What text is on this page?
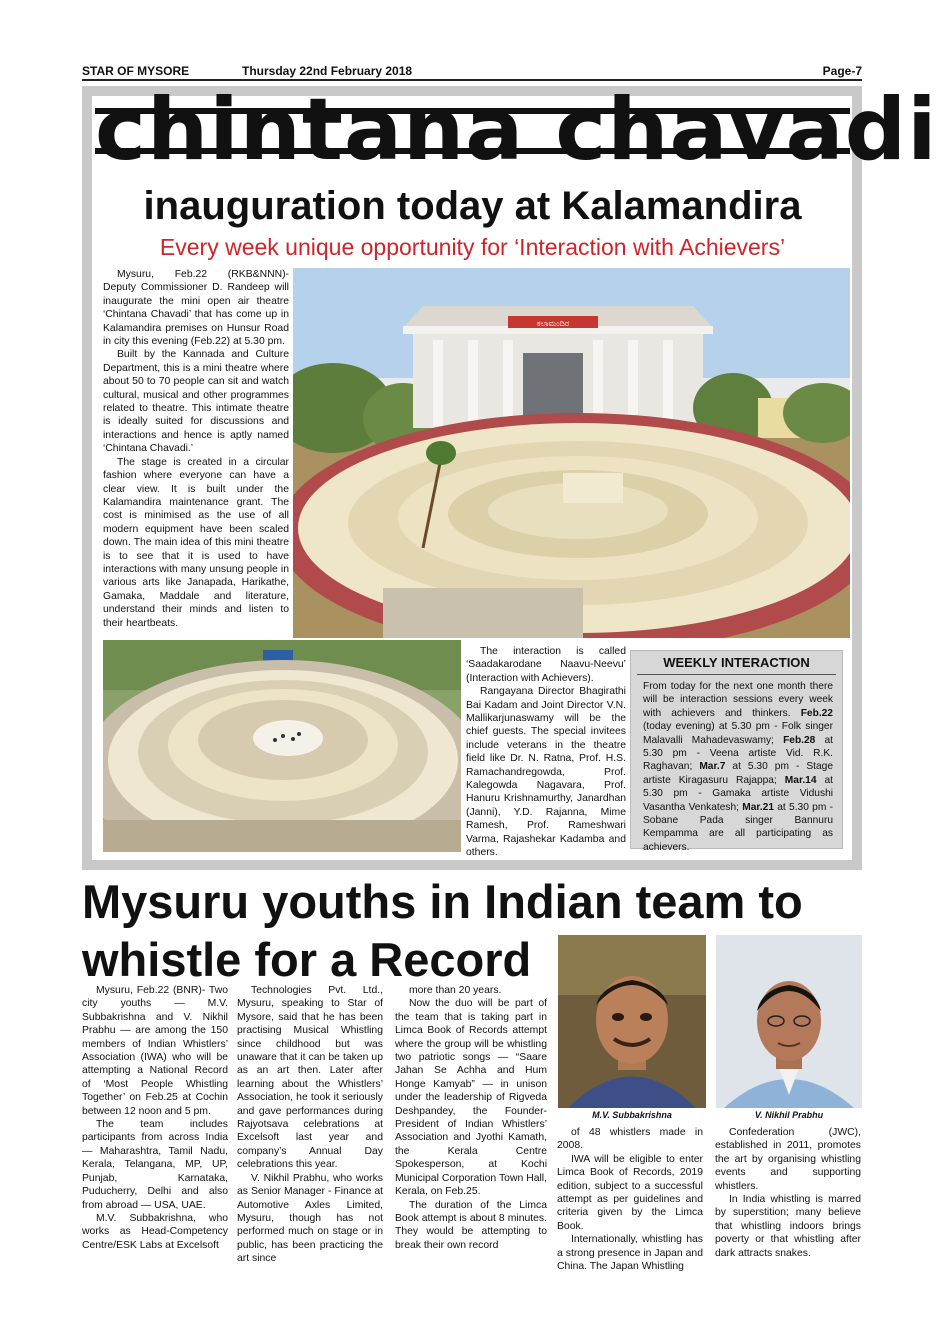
STAR OF MYSORE	Thursday 22nd February 2018	Page-7
chintana chavadi
inauguration today at Kalamandira
Every week unique opportunity for ‘Interaction with Achievers’

Mysuru, Feb.22 (RKB&NNN)- Deputy Commissioner D. Randeep will inaugurate the mini open air theatre ‘Chintana Chavadi’ that has come up in Kalamandira premises on Hunsur Road in city this evening (Feb.22) at 5.30 pm.

Built by the Kannada and Culture Department, this is a mini theatre where about 50 to 70 people can sit and watch cultural, musical and other programmes related to theatre. This intimate theatre is ideally suited for discussions and interactions and hence is aptly named ‘Chintana Chavadi.’

The stage is created in a circular fashion where everyone can have a clear view. It is built under the Kalamandira maintenance grant. The cost is minimised as the use of all modern equipment have been scaled down. The main idea of this mini theatre is to see that it is used to have interactions with many unsung people in various arts like Janapada, Harikathe, Gamaka, Maddale and literature, understand their minds and listen to their heartbeats.

ಕಲಾಮಂದಿರ

The interaction is called ‘Saadakarodane Naavu-Neevu’ (Interaction with Achievers).

Rangayana Director Bhagirathi Bai Kadam and Joint Director V.N. Mallikarjunaswamy will be the chief guests. The special invitees include veterans in the theatre field like Dr. N. Ratna, Prof. H.S. Ramachandregowda, Prof. Kalegowda Nagavara, Prof. Hanuru Krishnamurthy, Janardhan (Janni), Y.D. Rajanna, Mime Ramesh, Prof. Rameshwari Varma, Rajashekar Kadamba and others.

WEEKLY INTERACTION
From today for the next one month there will be interaction sessions every week with achievers and thinkers. Feb.22 (today evening) at 5.30 pm - Folk singer Malavalli Mahadevaswamy; Feb.28 at 5.30 pm - Veena artiste Vid. R.K. Raghavan; Mar.7 at 5.30 pm - Stage artiste Kiragasuru Rajappa; Mar.14 at 5.30 pm - Gamaka artiste Vidushi Vasantha Venkatesh; Mar.21 at 5.30 pm - Sobane Pada singer Bannuru Kempamma are all participating as achievers.
Mysuru youths in Indian team to

whistle for a Record

Mysuru, Feb.22 (BNR)- Two city youths — M.V. Subbakrishna and V. Nikhil Prabhu — are among the 150 members of Indian Whistlers’ Association (IWA) who will be attempting a National Record of ‘Most People Whistling Together’ on Feb.25 at Cochin between 12 noon and 5 pm.

The team includes participants from across India — Maharashtra, Tamil Nadu, Kerala, Telangana, MP, UP, Punjab, Karnataka, Puducherry, Delhi and also from abroad — USA, UAE.

M.V. Subbakrishna, who works as Head-Competency Centre/ESK Labs at Excelsoft

Technologies Pvt. Ltd., Mysuru, speaking to Star of Mysore, said that he has been practising Musical Whistling since childhood but was unaware that it can be taken up as an art then. Later after learning about the Whistlers’ Association, he took it seriously and gave performances during Rajyotsava celebrations at Excelsoft last year and company’s Annual Day celebrations this year.

V. Nikhil Prabhu, who works as Senior Manager - Finance at Automotive Axles Limited, Mysuru, though has not performed much on stage or in public, has been practicing the art since

more than 20 years.

Now the duo will be part of the team that is taking part in Limca Book of Records attempt where the group will be whistling two patriotic songs — “Saare Jahan Se Achha and Hum Honge Kamyab” — in unison under the leadership of Rigveda Deshpandey, the Founder-President of Indian Whistlers’ Association and Jyothi Kamath, the Kerala Centre Spokesperson, at Kochi Municipal Corporation Town Hall, Kerala, on Feb.25.

The duration of the Limca Book attempt is about 8 minutes. They would be attempting to break their own record

M.V. Subbakrishna	V. Nikhil Prabhu

of 48 whistlers made in 2008.

IWA will be eligible to enter Limca Book of Records, 2019 edition, subject to a successful attempt as per guidelines and criteria given by the Limca Book.

Internationally, whistling has a strong presence in Japan and China. The Japan Whistling

Confederation (JWC), established in 2011, promotes the art by organising whistling events and supporting whistlers.

In India whistling is marred by superstition; many believe that whistling indoors brings poverty or that whistling after dark attracts snakes.
